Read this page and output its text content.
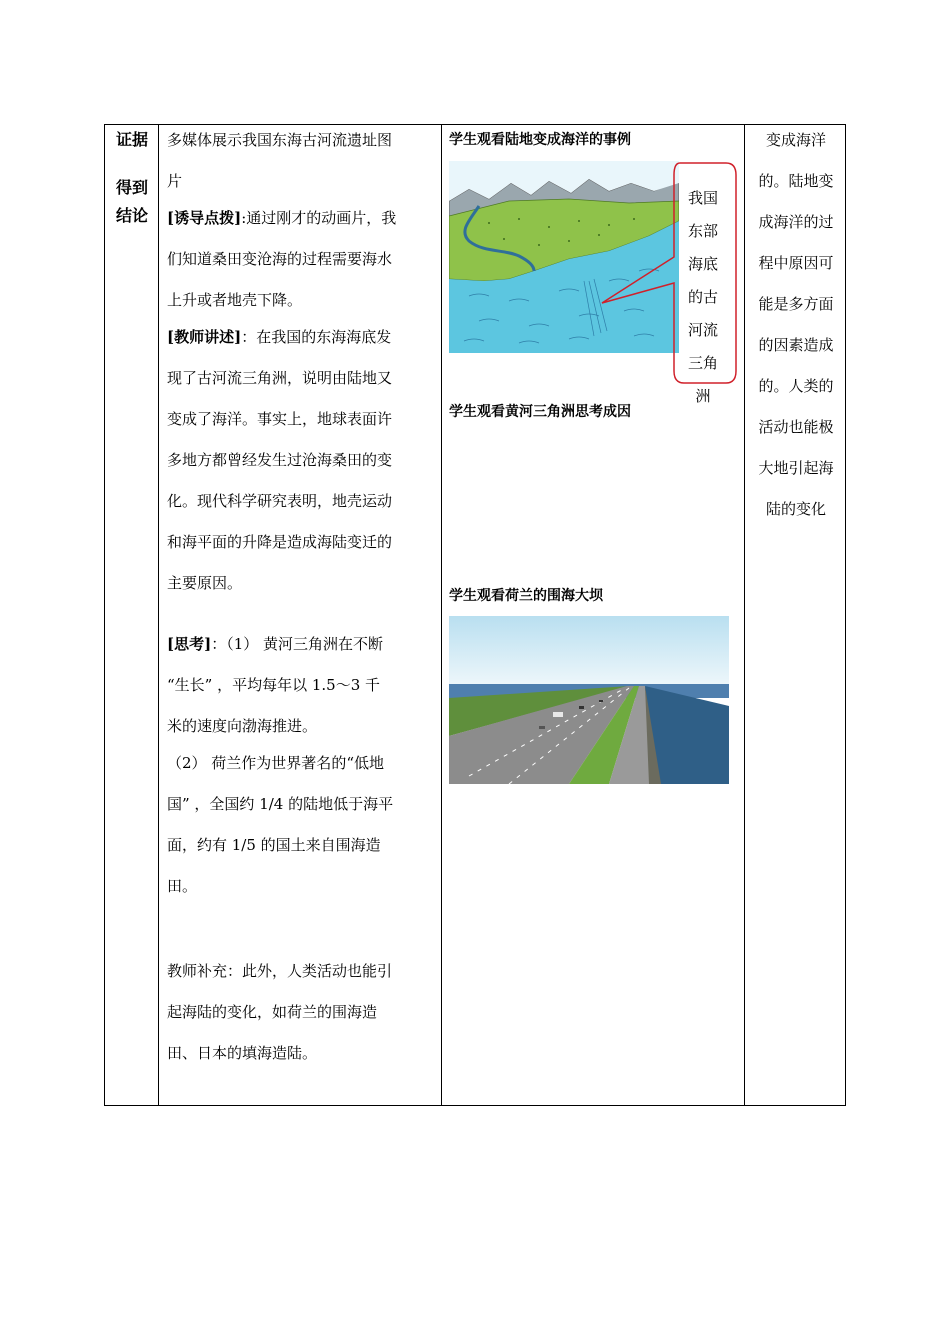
证据
得到
结论
多媒体展示我国东海古河流遗址图
片
[诱导点拨]:通过刚才的动画片，我
们知道桑田变沧海的过程需要海水
上升或者地壳下降。
[教师讲述]：在我国的东海海底发
现了古河流三角洲，说明由陆地又
变成了海洋。事实上，地球表面许
多地方都曾经发生过沧海桑田的变
化。现代科学研究表明，地壳运动
和海平面的升降是造成海陆变迁的
主要原因。
[思考]：（1） 黄河三角洲在不断
“生长” ，平均每年以 1.5～3 千
米的速度向渤海推进。
（2） 荷兰作为世界著名的“低地
国” ，全国约 1/4 的陆地低于海平
面，约有 1/5 的国土来自围海造
田。
教师补充：此外，人类活动也能引
起海陆的变化，如荷兰的围海造
田、日本的填海造陆。
学生观看陆地变成海洋的事例
我国
东部
海底
的古
河流
三角
洲
学生观看黄河三角洲思考成因
学生观看荷兰的围海大坝
变成海洋
的。陆地变
成海洋的过
程中原因可
能是多方面
的因素造成
的。人类的
活动也能极
大地引起海
陆的变化
